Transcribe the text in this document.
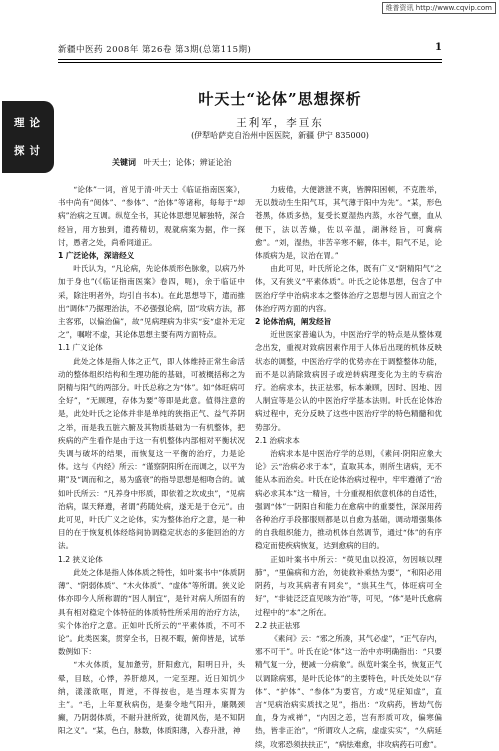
维普资讯 http://www.cqvip.com
新疆中医药 2008年 第26卷 第3期(总第115期)	1
理论
探讨
叶天士“论体”思想探析
王利军，李亘东
(伊犁哈萨克自治州中医医院，新疆 伊宁 835000)
关键词 叶天士；论体；辨证论治

“论体”一词，首见于清·叶天士《临证指南医案》，书中尚有“阅体”、“参体”、“治体”等诸称，每每于“却病”治病之互调。纵览全书，其论体思想见解独特，深合经旨，用方独到，遣药精切，观就病案为据，作一探讨，愚者之处，尚希同道正。

1 广泛论体，深谙经义

叶氏认为，“凡论病，先论体质形色脉象，以病乃外加于身也”(《临证指南医案》卷四，呃)，余于临证中采，除注明者外，均引自书本)。在此思想导下，遣而推出“调体”乃据理治法，不必强强论病，固“攻病方法，都主客邪，以偏治偏”，故“见病理病为非实“妄“虚补无定之”，嘱咐不虚，其论体思想主要有两方面特点。

1.1 广义论体

此处之体是指人体之正气，即人体维持正常生命活动的整体组织结构和生理功能的基础，可被概括称之为阴精与阳气的两部分。叶氏总称之为“体”。如“体旺病可全好”，“无顾理，存体为要”等即是此意。值得注意的是，此处叶氏之论体并非是单纯的狭指正气、益气养阴之举，而是我五脏六腑及其物质基础为一有机整体，把疾病的产生看作是由于这一有机整体内部相对平衡状况失调与破坏的结果，而恢复这一平衡的治疗，力是论体。这与《内经》所云：“谨察阴阳所在而调之，以平为期”及“调而和之，易为盛衰”的指导思想是相吻合的。诚如叶氏所云：“凡养身中形质，即依着之坎成虫”，“见病治病，谋天释遵，者谓”药随处病，遂无是于仓元”。由此可见，叶氏广义之论体，实为整体治疗之意，是一种目的在于恢复机体经络间协调稳定状态的多能回治的方法。

1.2 狭义论体

此处之体是指人体体质之特性，如叶案书中“体质阴薄”、“阴弱体质”、“木火体质”、“虚体”等所谓。狭义论体亦即今人所称谓的“因人制宜”，是针对病人所固有的具有相对稳定个体特征的体质特性所采用的治疗方法，实个体治疗之意。正如叶氏所云的“平素体质，不可不论”。此类医案，贯穿全书，日视不暇，俯仰皆是，试举数例如下：

“木火体质，复加惫劳，肝阳愈亢，阳明日升，头晕，目眩，心悸，养肝熄风，一定至理。近日知饥少纳，漾漾欲呕，胃逆，不得按也，是当理本实胃为主”。“毛，上年夏秋病伤，是秦令地气阳升，廉隅颈癫，乃阴弱体质，不耐升泄所致，徒谓风伤，是不知阴阳之义”。“某，色白，脉数，体质阳薄，入春升泄，神

力疲倦，大便溏泄不爽，皆脾阳困顿，不克胜举，无以鼓动生生阳气耳，其气薄于阳中为先”。“某，形色苍黑，体质多热，复受长夏湿热内蒸，水谷气壅，血从便下，法以苦燥，佐以辛温，湖淋经旨，可冀病愈”。“刘，湿热，非苦辛寒不解，体丰，阳气不足，论体质病为是，议治在胃。”

由此可见，叶氏所论之体，既有广义“阴精阳气”之体，又有狭义“平素体质”。叶氏之论体思想，包含了中医治疗学中治病求本之整体治疗之思想与因人而宜之个体治疗两方面的内容。

2 论体治病，阐发经旨

近世医家普遍认为，中医治疗学的特点是从整体观念出发，重视对致病因素作用于人体后出现的机体反映状态的调整，中医治疗学的优势亦在于调整整体功能，而不是以消除致病因子或逆转病理变化为主的专病治疗。治病求本，扶正祛邪，标本兼顾，因时、因地、因人制宜等是公认的中医治疗学基本法则。叶氏在论体治病过程中，充分反映了这些中医治疗学的特色精髓和优势部分。

2.1 治病求本

治病求本是中医治疗学的总则，《素问·阴阳应象大论》云“治病必求于本”，直取其本，则所生诸病，无不能从本而治矣。叶氏在论体治病过程中，牢牢遵循了“治病必求其本”这一精旨，十分重视相依意机体的自适性，强调“体”一阴阳自和能力在愈病中的重要性，深深用药各种治疗手段都服则都是以自愈为基础，调动增强集体的自我组织能力，推动机体自然调节，通过“体”的有序稳定而使疾病恢复，达到愈病的目的。

正如叶案书中所云：“萸见血以投凉，勿因咳以理肺”，“里偏病和方治，勿徒救补乘热为要”，“和阳必用阴药，与攻其病者有同矣”，“祟其生气，体旺病可全好”，“非徒泛泛直见咳为治”等，可见，“体”是叶氏愈病过程中的“本”之所在。

2.2 扶正祛邪

《素问》云：“邪之所凑，其气必虚”，“正气存内，邪不可干”。叶氏在论“体”这一治中亦明确指出：“只要精气复一分，便减一分病象”。纵览叶案全书，恢复正气以调除病邪，是叶氏论体”的主要特色，叶氏处处以“存体”、“护体”、“参体”为要官，方或“见症知虚”，直言“见病治病实质找之见”，指出：“攻病药，皆劫气伤血，身为戒禅”，“内因之恙，岂有形质可攻，偏寒偏热，皆非正治”，“所谓攻人之病，虚虚实实”，“久病延续，攻邪恐须扶扶正”，“病怯难愈，非攻病药石可愈”。
